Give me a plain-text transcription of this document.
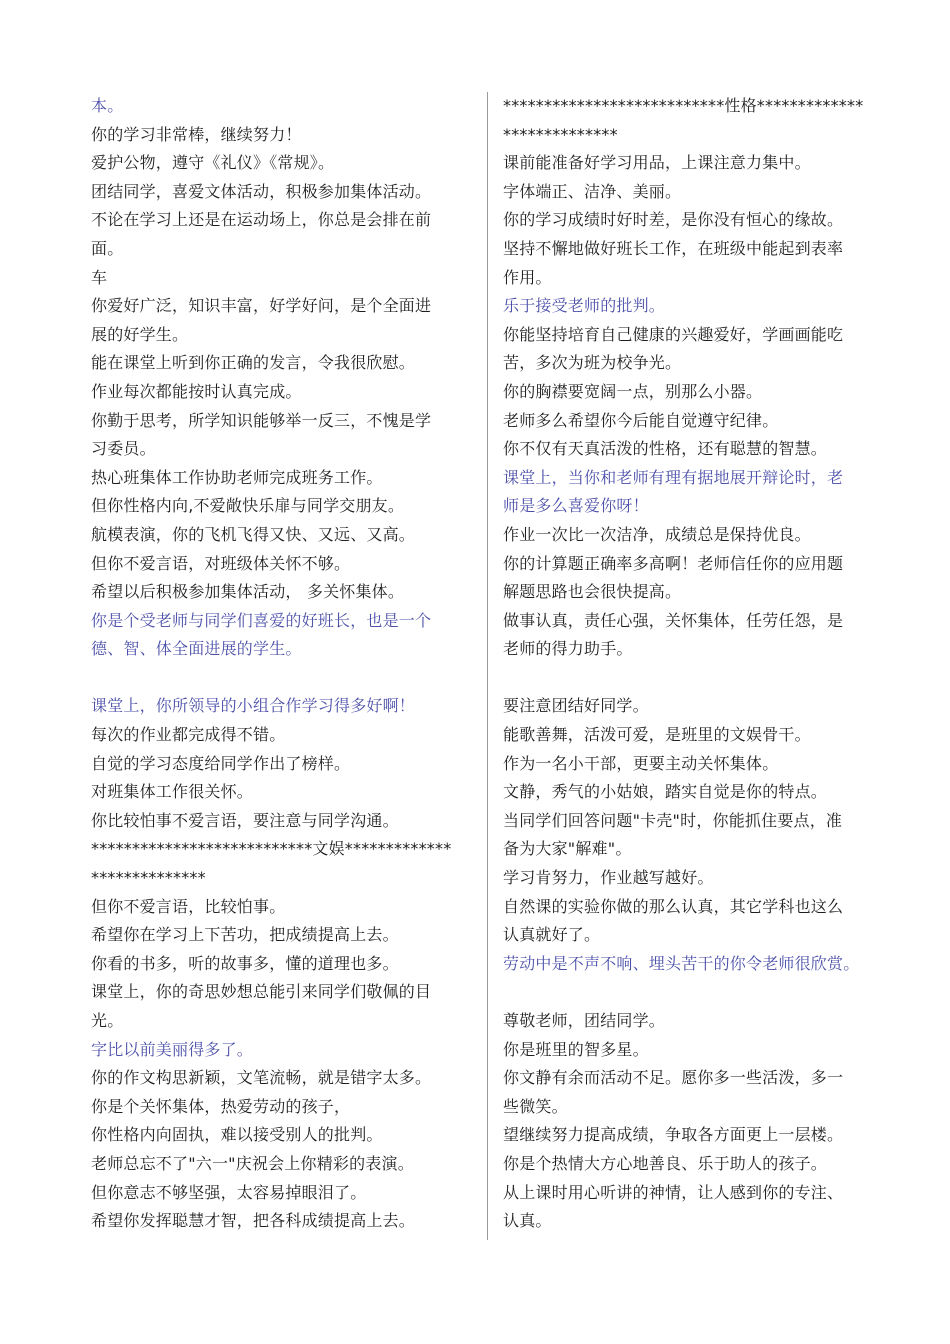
本。
你的学习非常棒，继续努力！
爱护公物，遵守《礼仪》《常规》。
团结同学，喜爱文体活动，积极参加集体活动。
不论在学习上还是在运动场上，你总是会排在前
面。
车
你爱好广泛，知识丰富，好学好问，是个全面进
展的好学生。
能在课堂上听到你正确的发言，令我很欣慰。
作业每次都能按时认真完成。
你勤于思考，所学知识能够举一反三，不愧是学
习委员。
热心班集体工作协助老师完成班务工作。
但你性格内向,不爱敞快乐扉与同学交朋友。
航模表演，你的飞机飞得又快、又远、又高。
但你不爱言语，对班级体关怀不够。
希望以后积极参加集体活动， 多关怀集体。
你是个受老师与同学们喜爱的好班长，也是一个
德、智、体全面进展的学生。
课堂上，你所领导的小组合作学习得多好啊！
每次的作业都完成得不错。
自觉的学习态度给同学作出了榜样。
对班集体工作很关怀。
你比较怕事不爱言语，要注意与同学沟通。
***************************文娱*************
**************
但你不爱言语，比较怕事。
希望你在学习上下苦功，把成绩提高上去。
你看的书多，听的故事多，懂的道理也多。
课堂上，你的奇思妙想总能引来同学们敬佩的目
光。
字比以前美丽得多了。
你的作文构思新颖，文笔流畅，就是错字太多。
你是个关怀集体，热爱劳动的孩子，
你性格内向固执，难以接受别人的批判。
老师总忘不了"六一"庆祝会上你精彩的表演。
但你意志不够坚强，太容易掉眼泪了。
希望你发挥聪慧才智，把各科成绩提高上去。
***************************性格*************
**************
课前能准备好学习用品，上课注意力集中。
字体端正、洁净、美丽。
你的学习成绩时好时差，是你没有恒心的缘故。
坚持不懈地做好班长工作，在班级中能起到表率
作用。
乐于接受老师的批判。
你能坚持培育自己健康的兴趣爱好，学画画能吃
苦，多次为班为校争光。
你的胸襟要宽阔一点，别那么小器。
老师多么希望你今后能自觉遵守纪律。
你不仅有天真活泼的性格，还有聪慧的智慧。
课堂上，当你和老师有理有据地展开辩论时，老
师是多么喜爱你呀！
作业一次比一次洁净，成绩总是保持优良。
你的计算题正确率多高啊！老师信任你的应用题
解题思路也会很快提高。
做事认真，责任心强，关怀集体，任劳任怨，是
老师的得力助手。
要注意团结好同学。
能歌善舞，活泼可爱，是班里的文娱骨干。
作为一名小干部，更要主动关怀集体。
文静，秀气的小姑娘，踏实自觉是你的特点。
当同学们回答问题"卡壳"时，你能抓住要点，准
备为大家"解难"。
学习肯努力，作业越写越好。
自然课的实验你做的那么认真，其它学科也这么
认真就好了。
劳动中是不声不响、埋头苦干的你令老师很欣赏。
尊敬老师，团结同学。
你是班里的智多星。
你文静有余而活动不足。愿你多一些活泼，多一
些微笑。
望继续努力提高成绩，争取各方面更上一层楼。
你是个热情大方心地善良、乐于助人的孩子。
从上课时用心听讲的神情，让人感到你的专注、
认真。
